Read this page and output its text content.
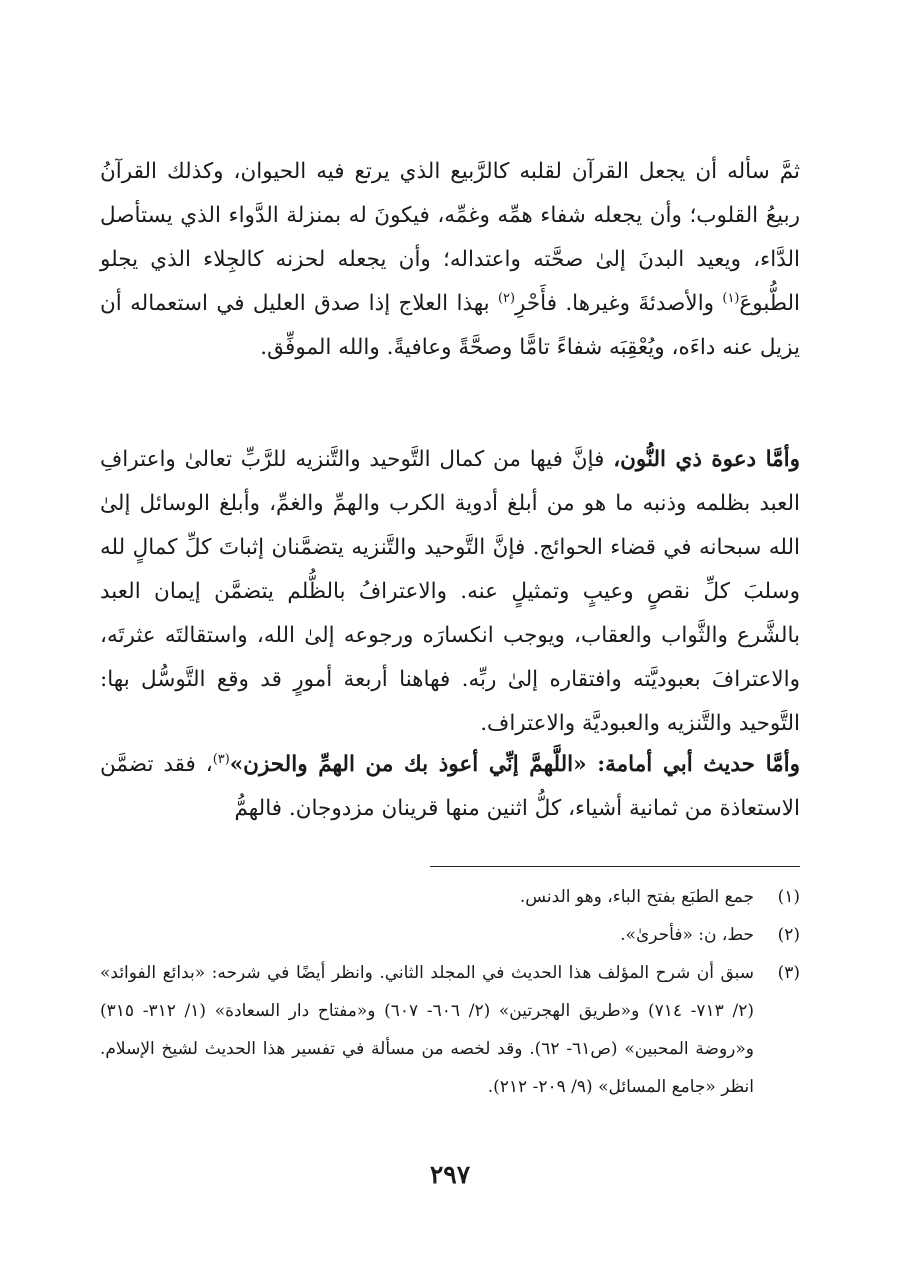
ثمَّ سأله أن يجعل القرآن لقلبه كالرَّبيع الذي يرتع فيه الحيوان، وكذلك القرآنُ ربيعُ القلوب؛ وأن يجعله شفاء همِّه وغمِّه، فيكونَ له بمنزلة الدَّواء الذي يستأصل الدَّاء، ويعيد البدنَ إلىٰ صحَّته واعتداله؛ وأن يجعله لحزنه كالجِلاء الذي يجلو الطُّبوعَ$^{(١)}$ والأصدئةَ وغيرها. فأَحْرِ$^{(٢)}$ بهذا العلاج إذا صدق العليل في استعماله أن يزيل عنه داءَه، ويُعْقِبَه شفاءً تامًّا وصحَّةً وعافيةً. والله الموفِّق.

وأمَّا دعوة ذي النُّون، فإنَّ فيها من كمال التَّوحيد والتَّنزيه للرَّبِّ تعالىٰ واعترافِ العبد بظلمه وذنبه ما هو من أبلغ أدوية الكرب والهمِّ والغمِّ، وأبلغ الوسائل إلىٰ الله سبحانه في قضاء الحوائج. فإنَّ التَّوحيد والتَّنزيه يتضمَّنان إثباتَ كلِّ كمالٍ لله وسلبَ كلِّ نقصٍ وعيبٍ وتمثيلٍ عنه. والاعترافُ بالظُّلم يتضمَّن إيمان العبد بالشَّرع والثَّواب والعقاب، ويوجب انكسارَه ورجوعه إلىٰ الله، واستقالتَه عثرتَه، والاعترافَ بعبوديَّته وافتقاره إلىٰ ربِّه. فهاهنا أربعة أمورٍ قد وقع التَّوسُّل بها: التَّوحيد والتَّنزيه والعبوديَّة والاعتراف.

وأمَّا حديث أبي أمامة: «اللَّهمَّ إنِّي أعوذ بك من الهمِّ والحزن»$^{(٣)}$، فقد تضمَّن الاستعاذة من ثمانية أشياء، كلُّ اثنين منها قرينان مزدوجان. فالهمُّ

(١)
جمع الطبَع بفتح الباء، وهو الدنس.
(٢)
حط، ن: «فأحرىٰ».
(٣)
سبق أن شرح المؤلف هذا الحديث في المجلد الثاني. وانظر أيضًا في شرحه: «بدائع الفوائد» (٢/ ٧١٣- ٧١٤) و«طريق الهجرتين» (٢/ ٦٠٦- ٦٠٧) و«مفتاح دار السعادة» (١/ ٣١٢- ٣١٥) و«روضة المحبين» (ص٦١- ٦٢). وقد لخصه من مسألة في تفسير هذا الحديث لشيخ الإسلام. انظر «جامع المسائل» (٩/ ٢٠٩- ٢١٢).
٢٩٧
